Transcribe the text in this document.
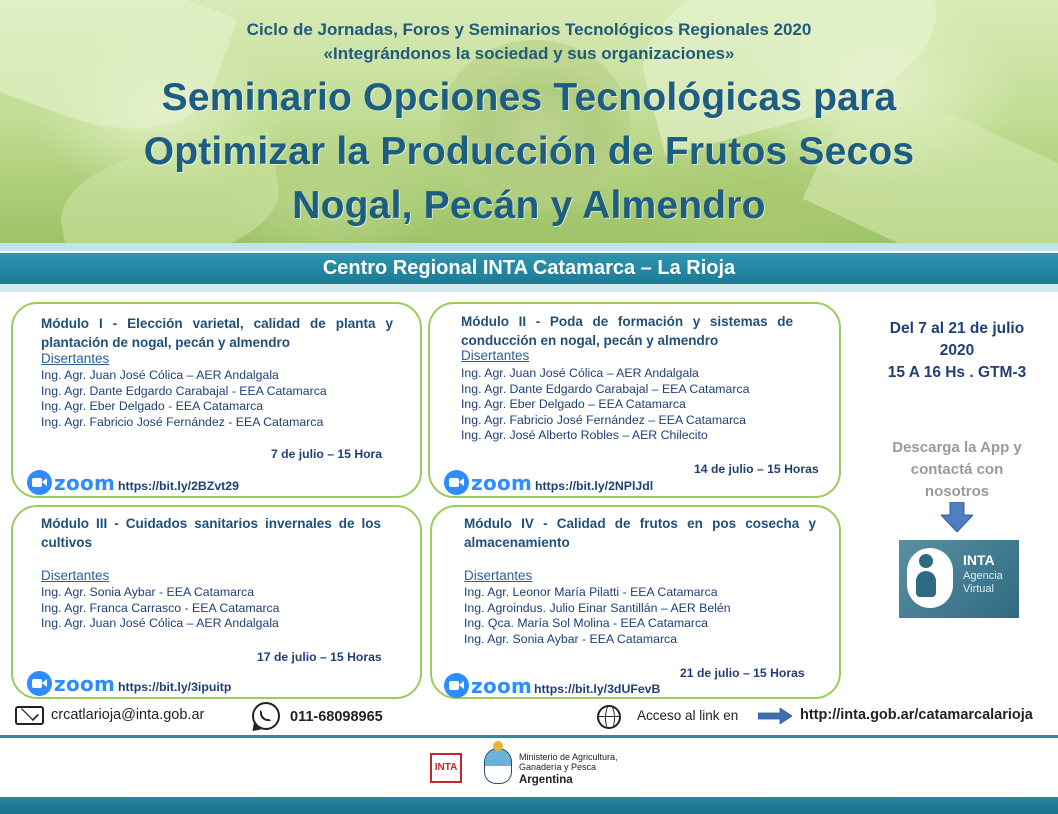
Ciclo de Jornadas, Foros y Seminarios Tecnológicos Regionales 2020
«Integrándonos la sociedad y sus organizaciones»
Seminario Opciones Tecnológicas para
Optimizar la Producción de Frutos Secos
Nogal, Pecán y Almendro
Centro Regional INTA Catamarca – La Rioja
Módulo I - Elección varietal, calidad de planta y plantación de nogal, pecán y almendro
Disertantes
Ing. Agr. Juan José Cólica – AER Andalgala
Ing. Agr. Dante Edgardo Carabajal - EEA Catamarca
Ing. Agr. Eber Delgado - EEA Catamarca
Ing. Agr. Fabricio José Fernández - EEA Catamarca
7 de julio – 15 Hora
zoom https://bit.ly/2BZvt29
Módulo II - Poda de formación y sistemas de conducción en nogal, pecán y almendro
Disertantes
Ing. Agr. Juan José Cólica – AER Andalgala
Ing. Agr. Dante Edgardo Carabajal – EEA Catamarca
Ing. Agr. Eber Delgado – EEA Catamarca
Ing. Agr. Fabricio José Fernández – EEA Catamarca
Ing. Agr. José Alberto Robles – AER Chilecito
14 de julio – 15 Horas
zoom https://bit.ly/2NPlJdl
Módulo III - Cuidados sanitarios invernales de los cultivos
Disertantes
Ing. Agr. Sonia Aybar - EEA Catamarca
Ing. Agr. Franca Carrasco - EEA Catamarca
Ing. Agr. Juan José Cólica – AER Andalgala
17 de julio – 15 Horas
zoom https://bit.ly/3ipuitp
Módulo IV - Calidad de frutos en pos cosecha y almacenamiento
Disertantes
Ing. Agr. Leonor María Pilatti - EEA Catamarca
Ing. Agroindus. Julio Einar Santillán – AER Belén
Ing. Qca. María Sol Molina - EEA Catamarca
Ing. Agr. Sonia Aybar - EEA Catamarca
21 de julio – 15 Horas
zoom https://bit.ly/3dUFevB
Del 7 al 21 de julio
2020
15 A 16 Hs . GTM-3
Descarga la App y
contactá con
nosotros
INTA
Agencia
Virtual
crcatlarioja@inta.gob.ar	011-68098965	Acceso al link en	http://inta.gob.ar/catamarcalarioja
INTA
Ministerio de Agricultura,
Ganadería y Pesca
Argentina
